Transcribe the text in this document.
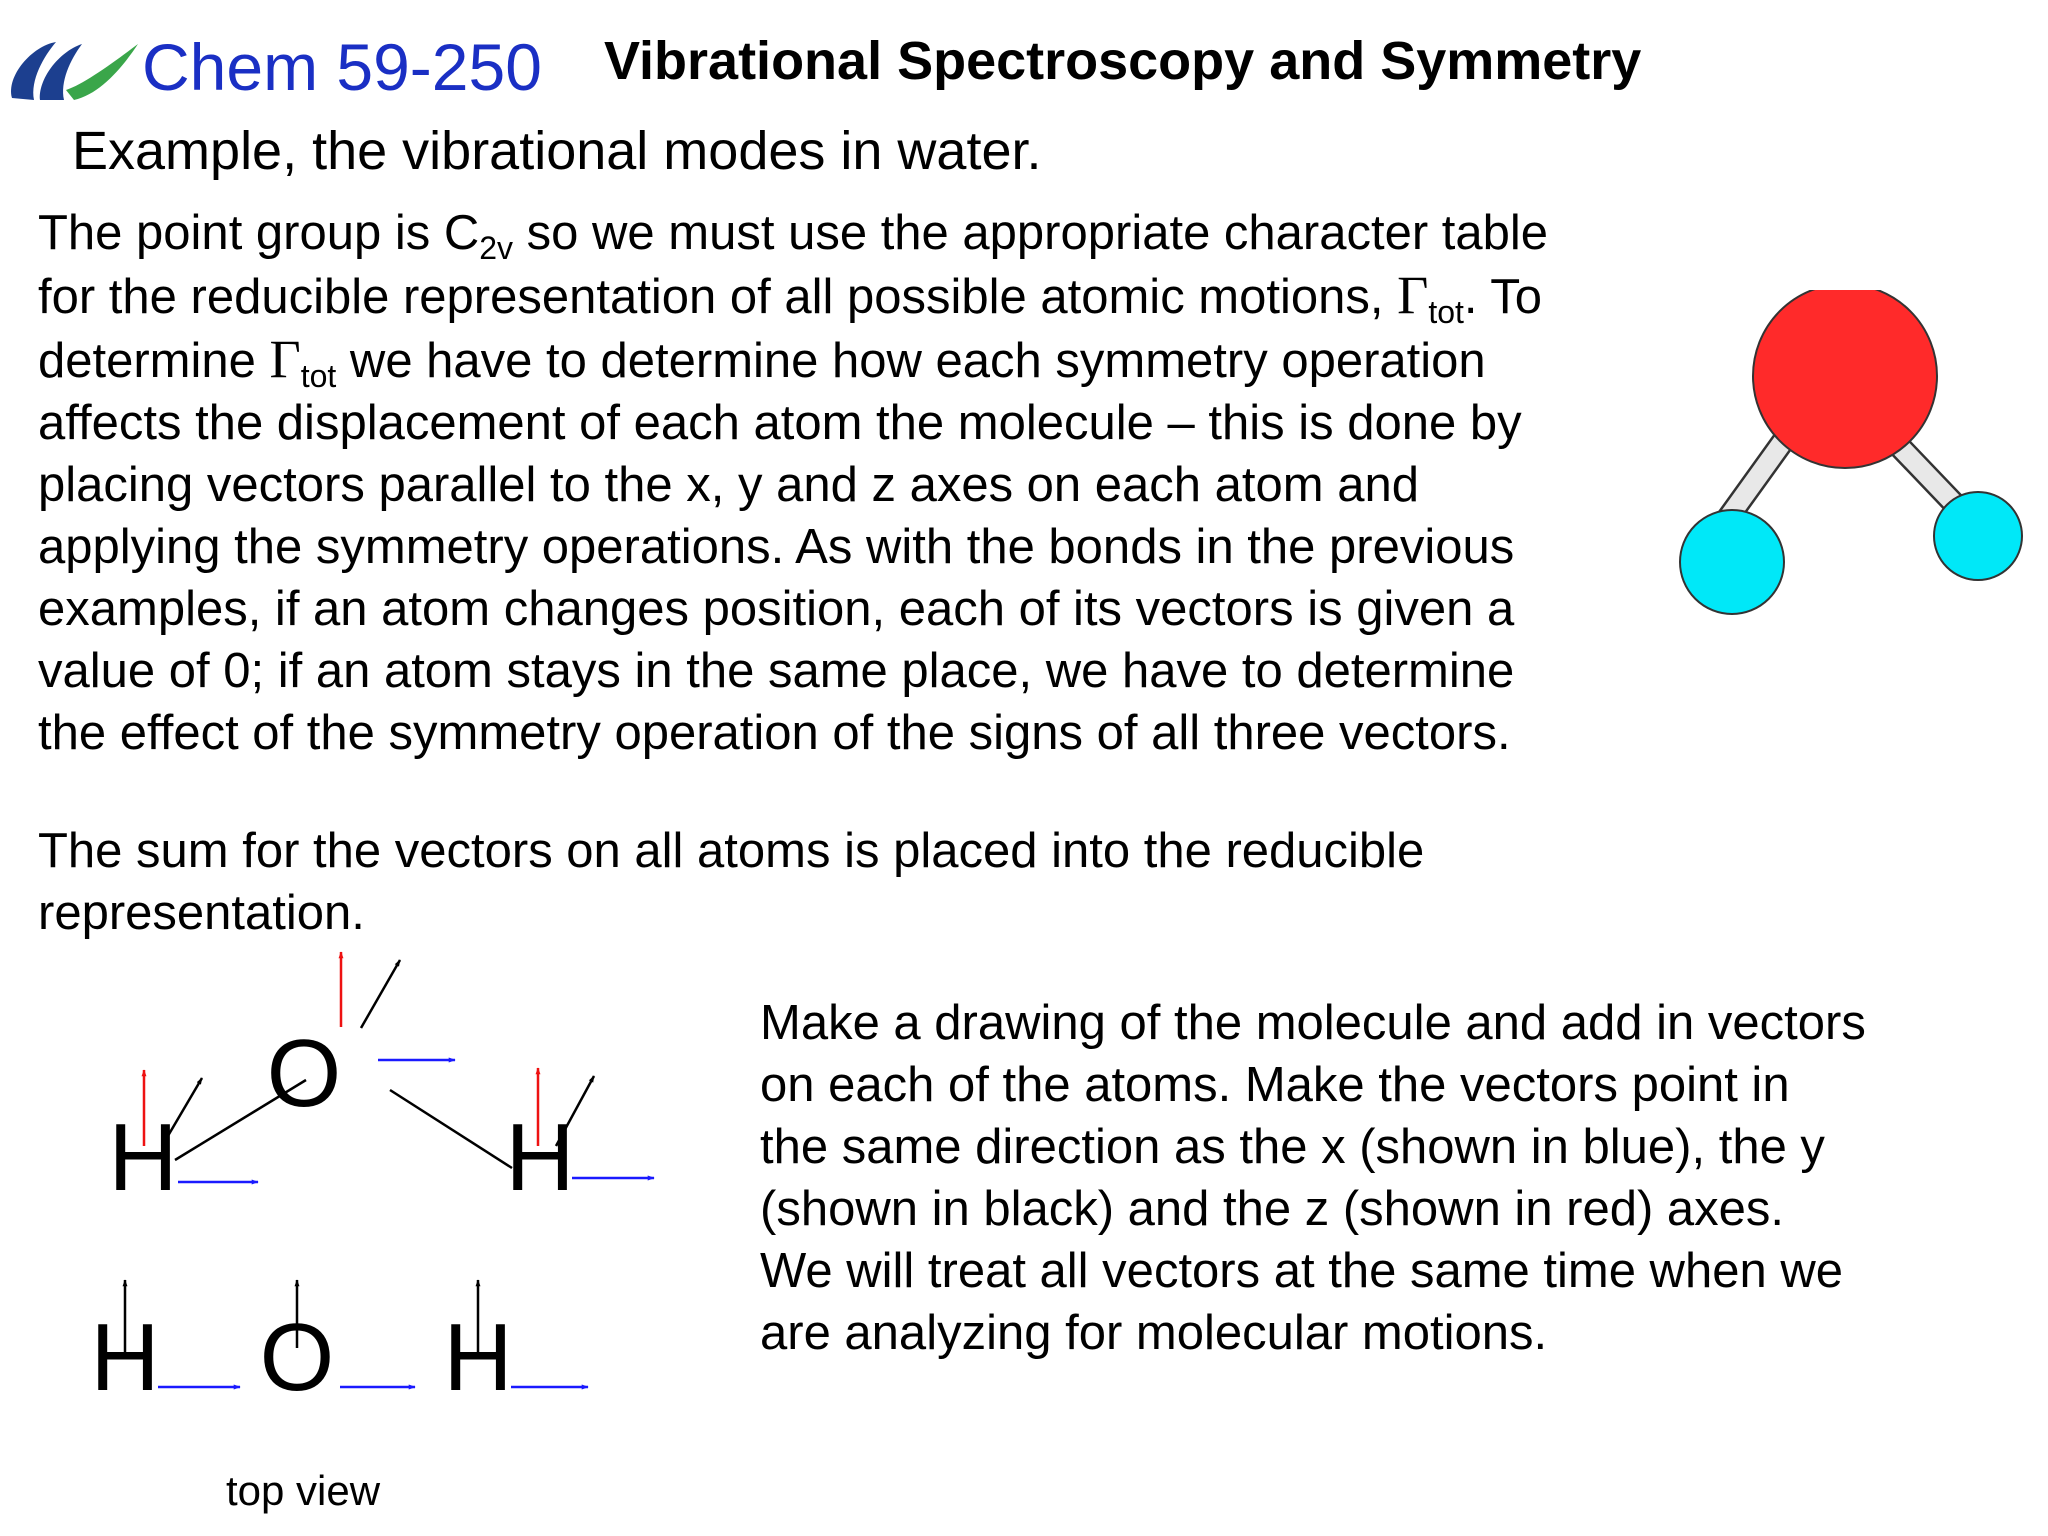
Chem 59-250 Vibrational Spectroscopy and Symmetry
Example, the vibrational modes in water.
The point group is $C_{2v}$ so we must use the appropriate character table
for the reducible representation of all possible atomic motions, $\Gamma_{tot}$. To
determine $\Gamma_{tot}$ we have to determine how each symmetry operation
affects the displacement of each atom the molecule – this is done by
placing vectors parallel to the x, y and z axes on each atom and
applying the symmetry operations. As with the bonds in the previous
examples, if an atom changes position, each of its vectors is given a
value of 0; if an atom stays in the same place, we have to determine
the effect of the symmetry operation of the signs of all three vectors.
The sum for the vectors on all atoms is placed into the reducible
representation.
Make a drawing of the molecule and add in vectors
on each of the atoms. Make the vectors point in
the same direction as the x (shown in blue), the y
(shown in black) and the z (shown in red) axes.
We will treat all vectors at the same time when we
are analyzing for molecular motions.
O
H	H
H O H
top view
